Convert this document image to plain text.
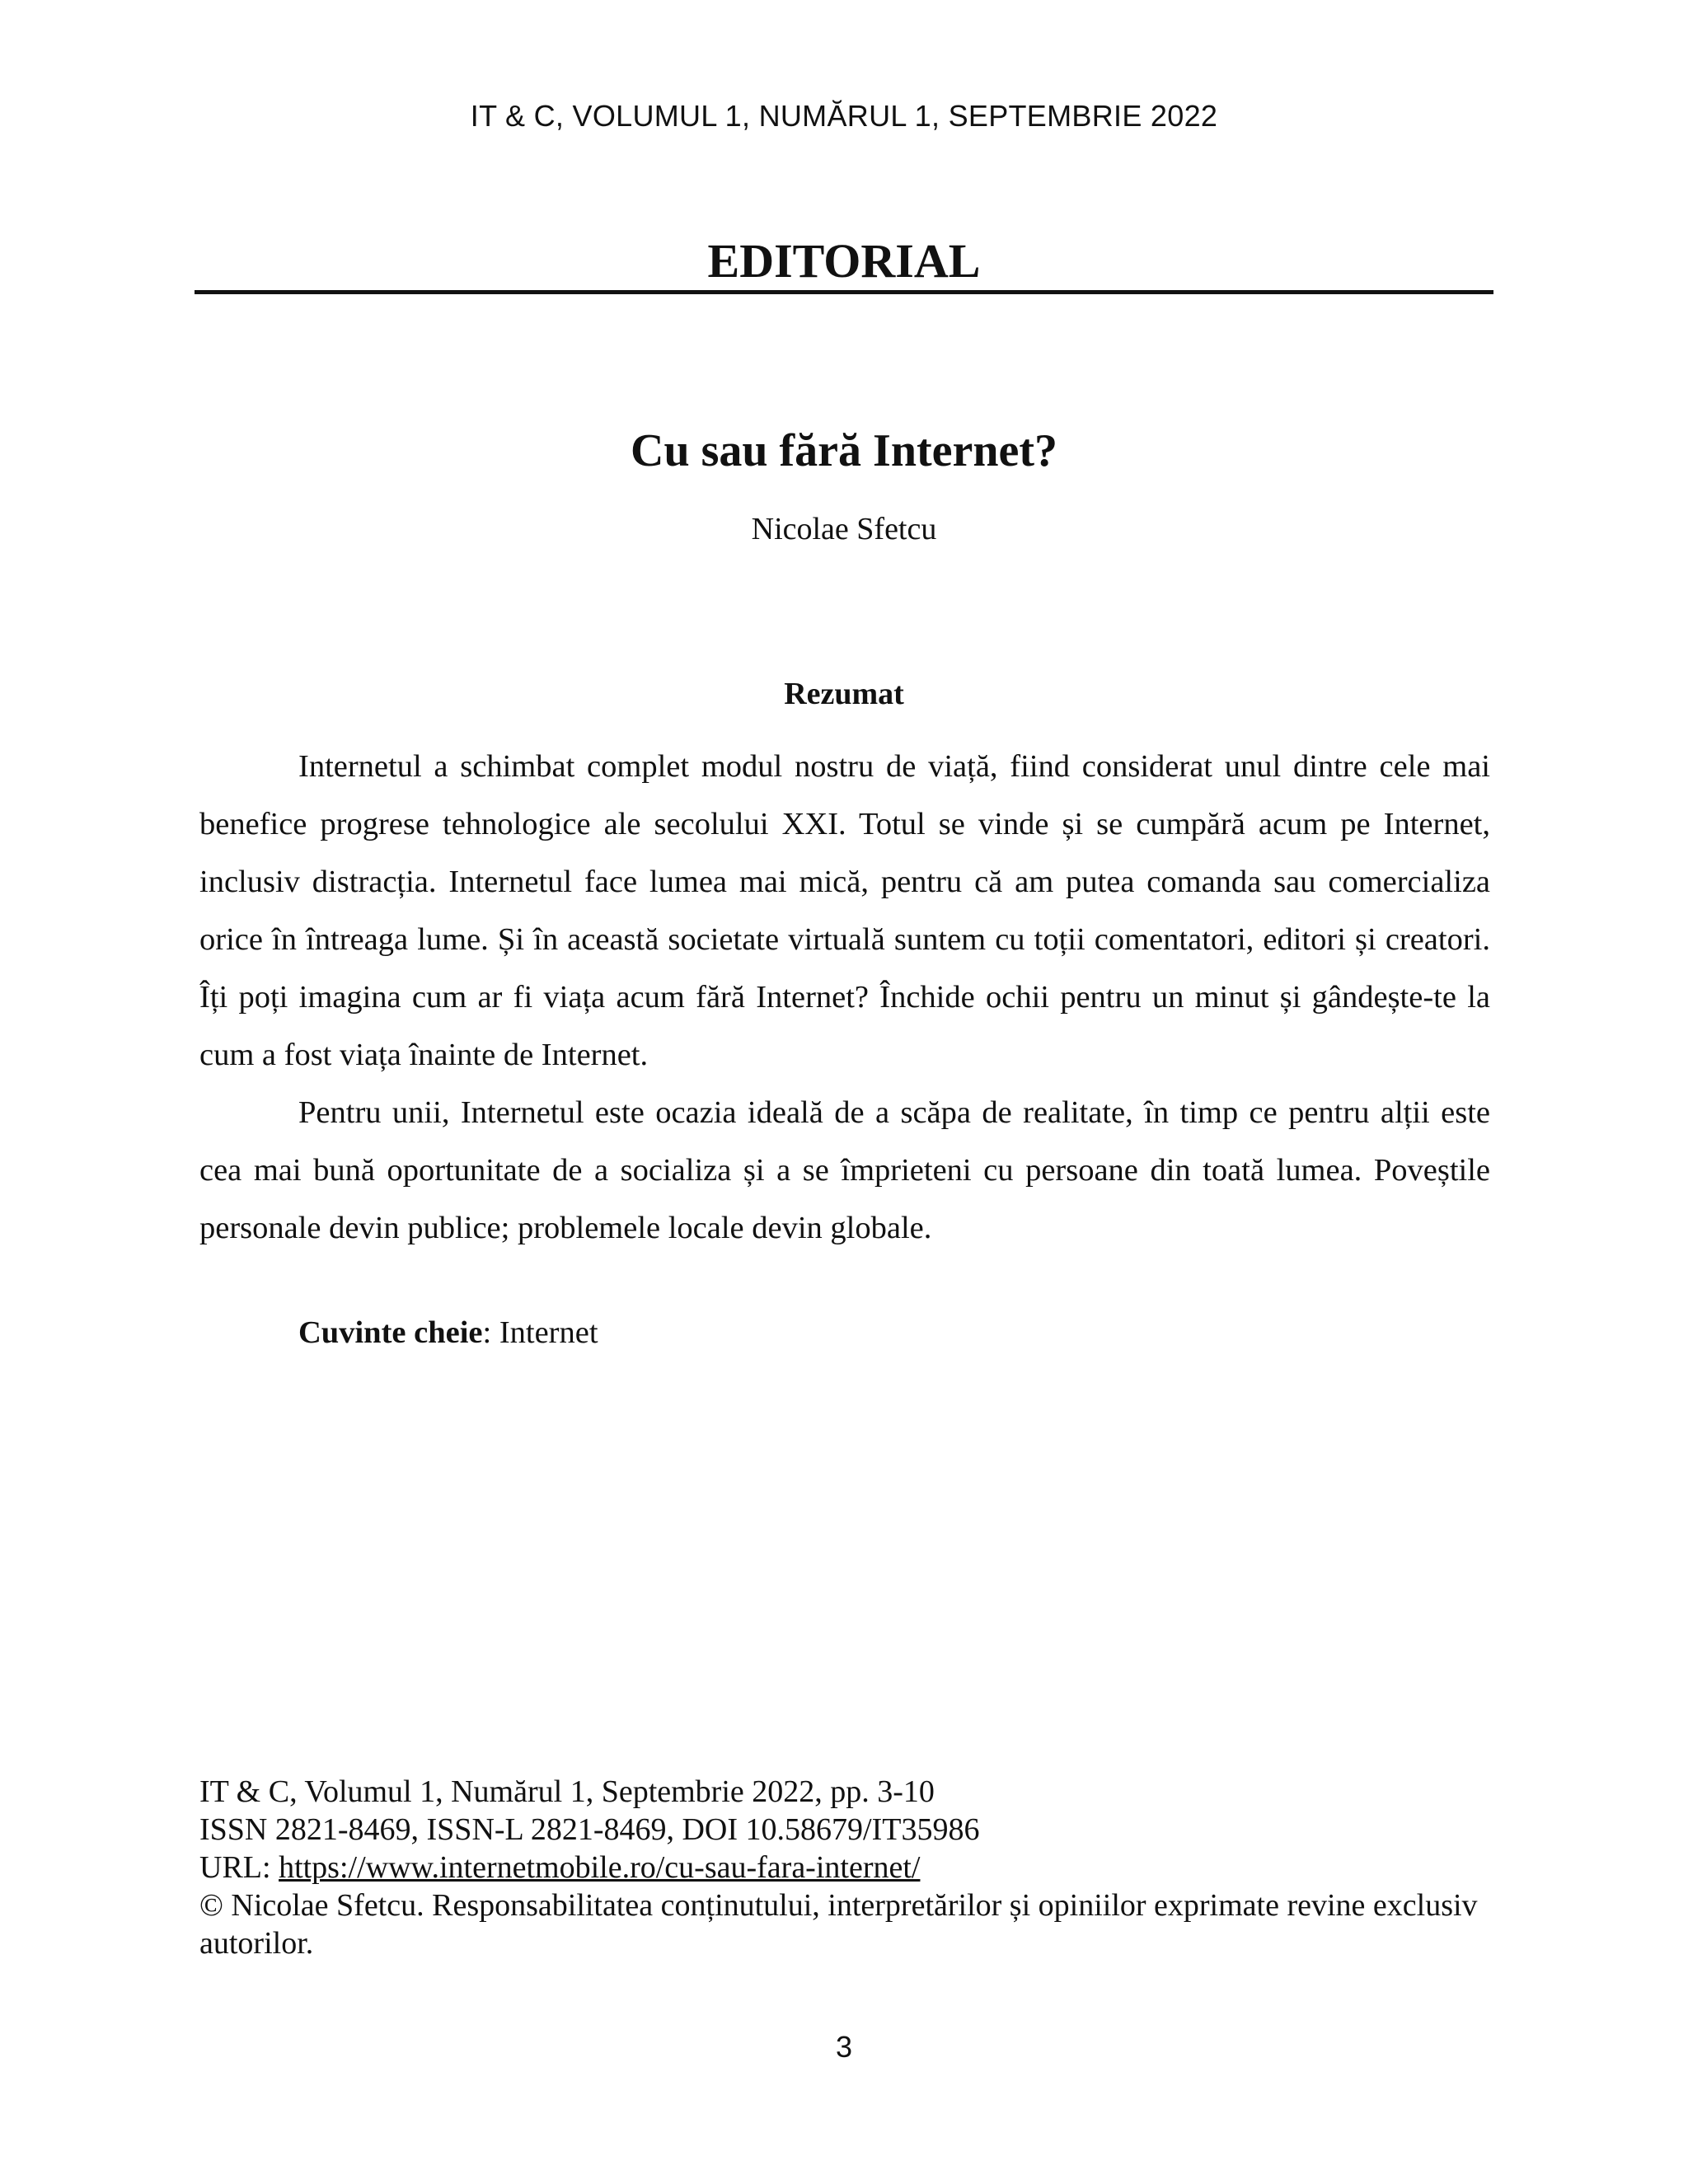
IT & C, VOLUMUL 1, NUMĂRUL 1, SEPTEMBRIE 2022
EDITORIAL
Cu sau fără Internet?
Nicolae Sfetcu
Rezumat

Internetul a schimbat complet modul nostru de viață, fiind considerat unul dintre cele mai benefice progrese tehnologice ale secolului XXI. Totul se vinde și se cumpără acum pe Internet, inclusiv distracția. Internetul face lumea mai mică, pentru că am putea comanda sau comercializa orice în întreaga lume. Și în această societate virtuală suntem cu toții comentatori, editori și creatori. Îți poți imagina cum ar fi viața acum fără Internet? Închide ochii pentru un minut și gândește-te la cum a fost viața înainte de Internet.

Pentru unii, Internetul este ocazia ideală de a scăpa de realitate, în timp ce pentru alții este cea mai bună oportunitate de a socializa și a se împrieteni cu persoane din toată lumea. Poveștile personale devin publice; problemele locale devin globale.

Cuvinte cheie: Internet
IT & C, Volumul 1, Numărul 1, Septembrie 2022, pp. 3-10
ISSN 2821-8469, ISSN-L 2821-8469, DOI 10.58679/IT35986
URL: https://www.internetmobile.ro/cu-sau-fara-internet/
© Nicolae Sfetcu. Responsabilitatea conținutului, interpretărilor și opiniilor exprimate revine exclusiv autorilor.
3
